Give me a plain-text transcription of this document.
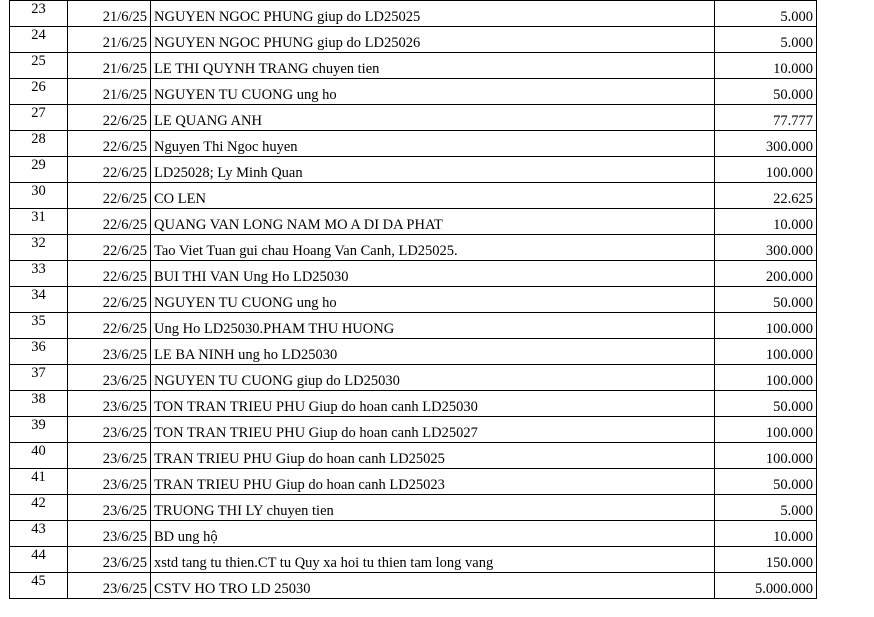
23	21/6/25	NGUYEN NGOC PHUNG giup do LD25025	5.000
24	21/6/25	NGUYEN NGOC PHUNG giup do LD25026	5.000
25	21/6/25	LE THI QUYNH TRANG chuyen tien	10.000
26	21/6/25	NGUYEN TU CUONG ung ho	50.000
27	22/6/25	LE QUANG ANH	77.777
28	22/6/25	Nguyen Thi Ngoc huyen	300.000
29	22/6/25	LD25028; Ly Minh Quan	100.000
30	22/6/25	CO LEN	22.625
31	22/6/25	QUANG VAN LONG NAM MO A DI DA PHAT	10.000
32	22/6/25	Tao Viet Tuan gui chau Hoang Van Canh, LD25025.	300.000
33	22/6/25	BUI THI VAN Ung Ho LD25030	200.000
34	22/6/25	NGUYEN TU CUONG ung ho	50.000
35	22/6/25	Ung Ho LD25030.PHAM THU HUONG	100.000
36	23/6/25	LE BA NINH ung ho LD25030	100.000
37	23/6/25	NGUYEN TU CUONG giup do LD25030	100.000
38	23/6/25	TON TRAN TRIEU PHU Giup do hoan canh LD25030	50.000
39	23/6/25	TON TRAN TRIEU PHU Giup do hoan canh LD25027	100.000
40	23/6/25	TRAN TRIEU PHU Giup do hoan canh LD25025	100.000
41	23/6/25	TRAN TRIEU PHU Giup do hoan canh LD25023	50.000
42	23/6/25	TRUONG THI LY chuyen tien	5.000
43	23/6/25	BD ung hộ	10.000
44	23/6/25	xstd tang tu thien.CT tu Quy xa hoi tu thien tam long vang	150.000
45	23/6/25	CSTV HO TRO LD 25030	5.000.000
